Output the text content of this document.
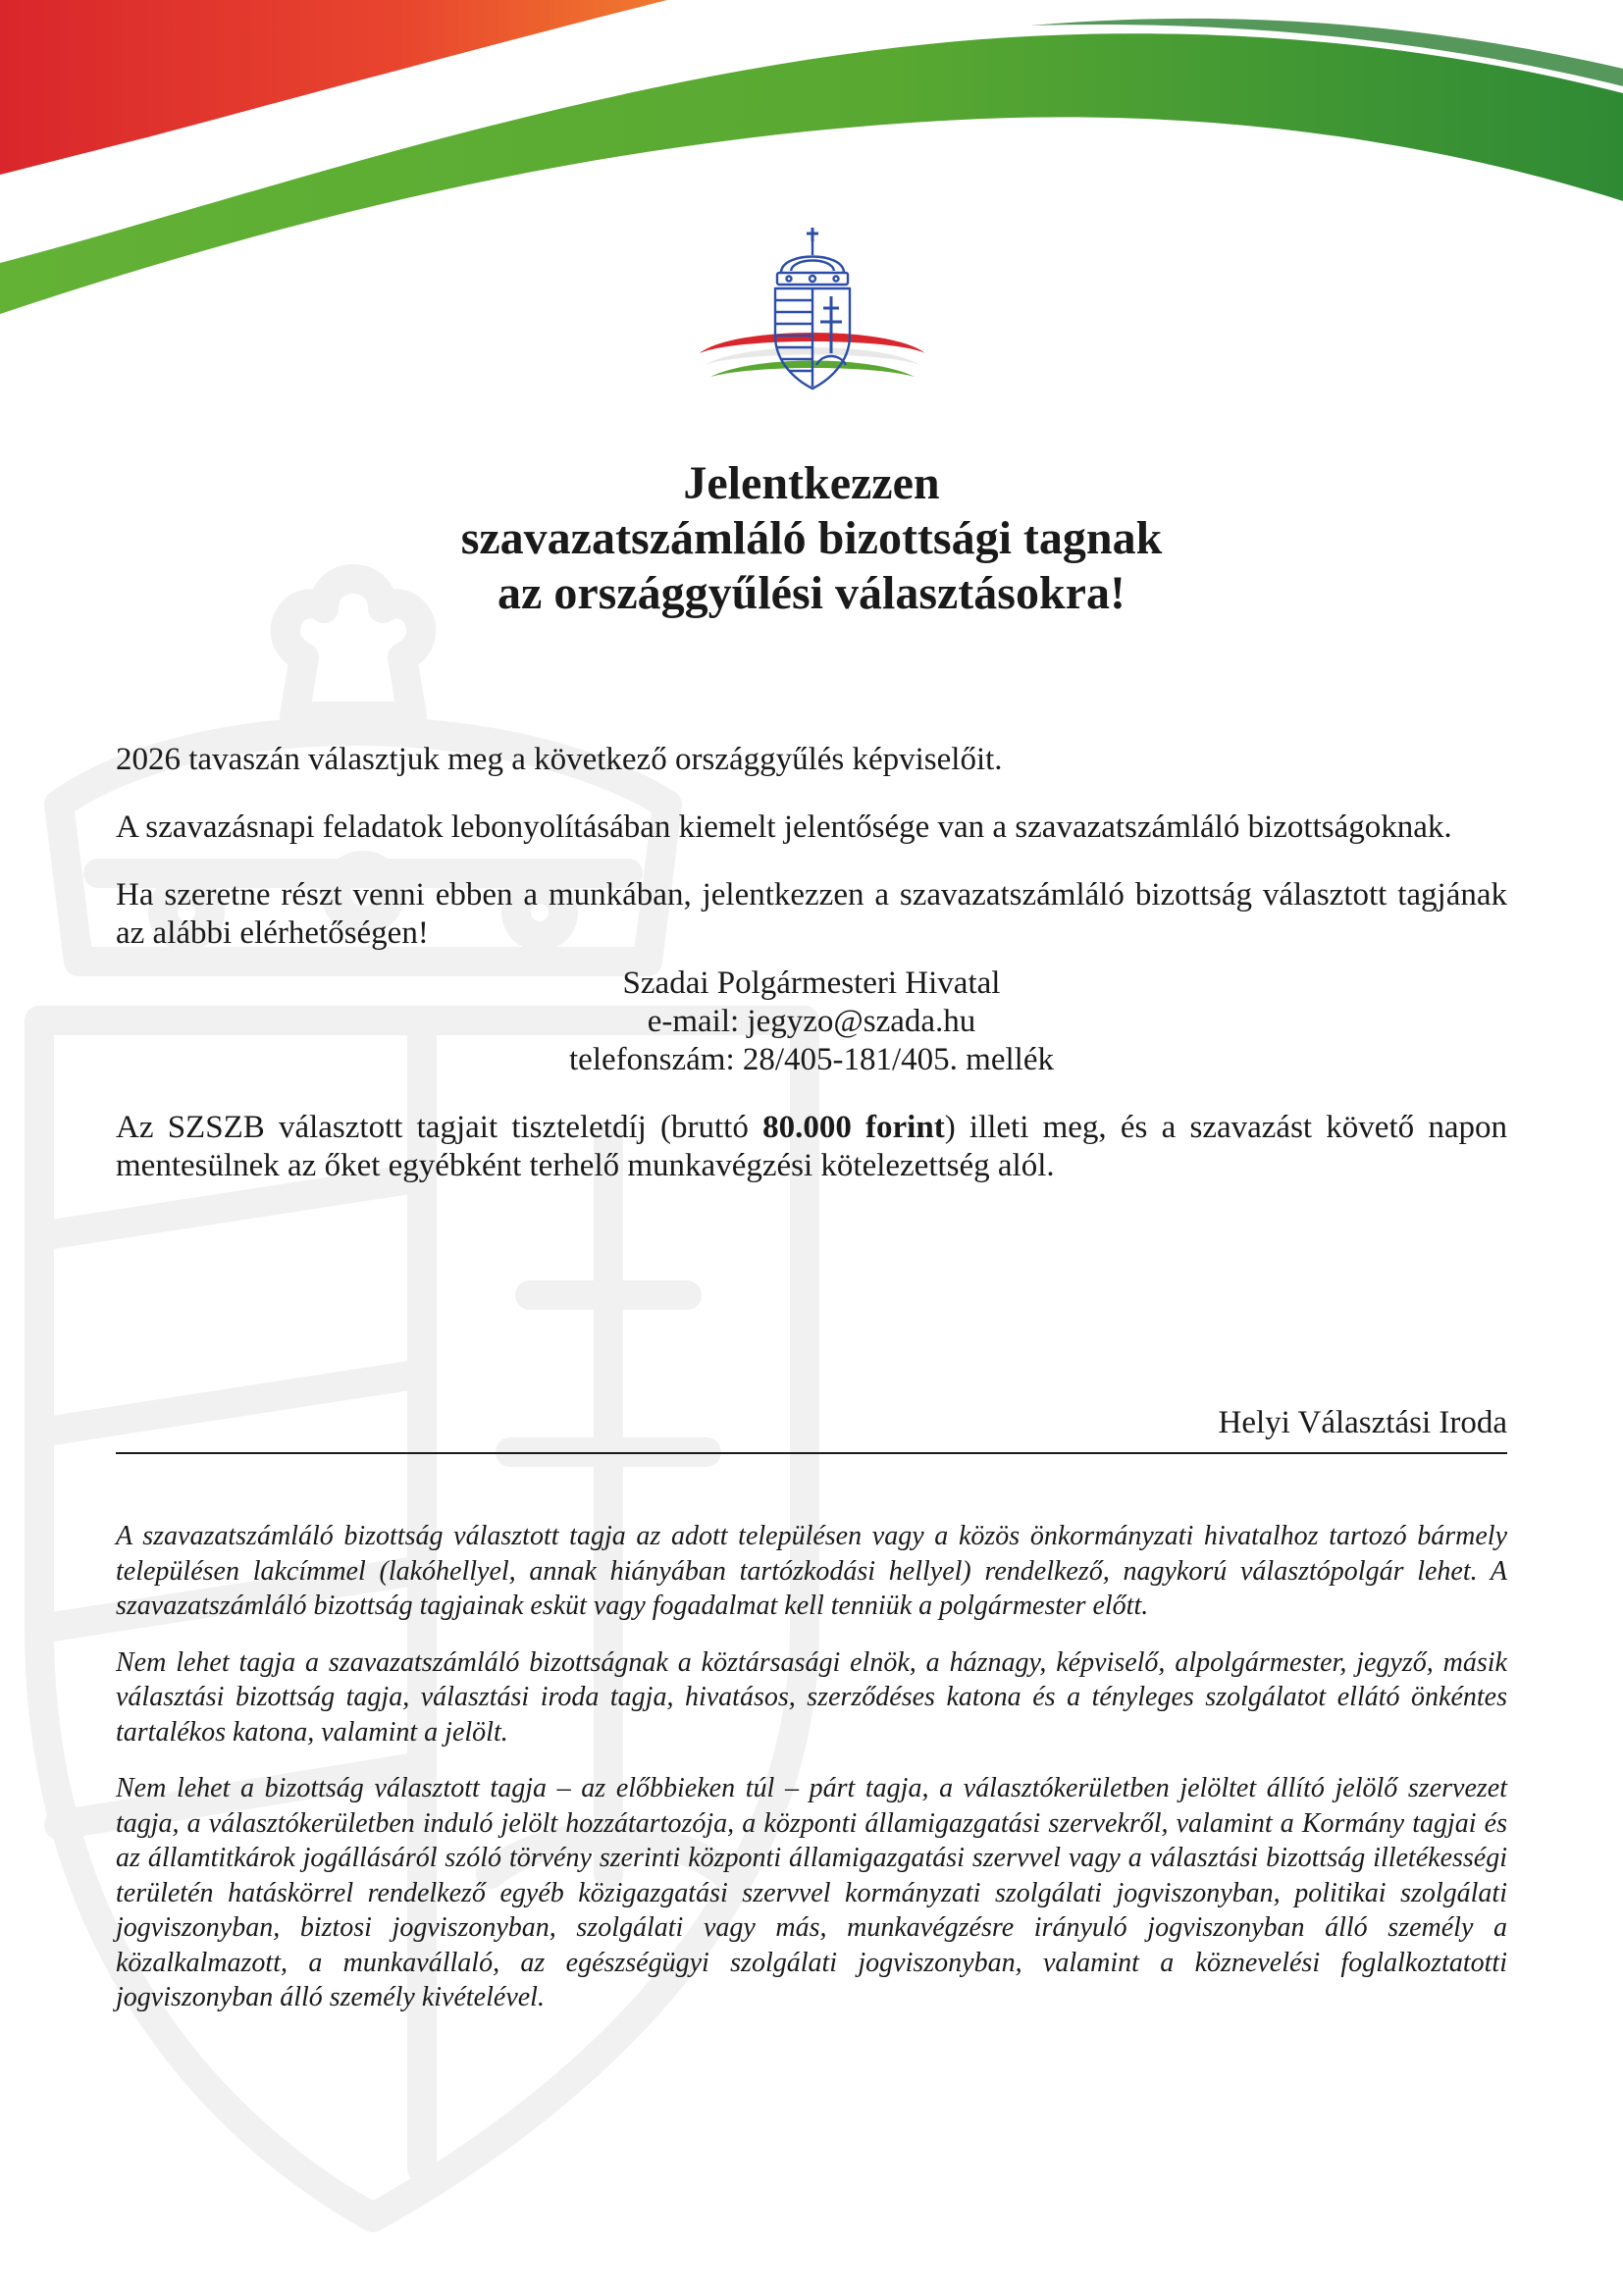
Jelentkezzen
szavazatszámláló bizottsági tagnak
az országgyűlési választásokra!

2026 tavaszán választjuk meg a következő országgyűlés képviselőit.

A szavazásnapi feladatok lebonyolításában kiemelt jelentősége van a szavazatszámláló bizottságoknak.

Ha szeretne részt venni ebben a munkában, jelentkezzen a szavazatszámláló bizottság választott tagjának az alábbi elérhetőségen!

Szadai Polgármesteri Hivatal
e-mail: jegyzo@szada.hu
telefonszám: 28/405-181/405. mellék

Az SZSZB választott tagjait tiszteletdíj (bruttó 80.000 forint) illeti meg, és a szavazást követő napon mentesülnek az őket egyébként terhelő munkavégzési kötelezettség alól.

Helyi Választási Iroda

A szavazatszámláló bizottság választott tagja az adott településen vagy a közös önkormányzati hivatalhoz tartozó bármely településen lakcímmel (lakóhellyel, annak hiányában tartózkodási hellyel) rendelkező, nagykorú választópolgár lehet. A szavazatszámláló bizottság tagjainak esküt vagy fogadalmat kell tenniük a polgármester előtt.

Nem lehet tagja a szavazatszámláló bizottságnak a köztársasági elnök, a háznagy, képviselő, alpolgármester, jegyző, másik választási bizottság tagja, választási iroda tagja, hivatásos, szerződéses katona és a tényleges szolgálatot ellátó önkéntes tartalékos katona, valamint a jelölt.

Nem lehet a bizottság választott tagja – az előbbieken túl – párt tagja, a választókerületben jelöltet állító jelölő szervezet tagja, a választókerületben induló jelölt hozzátartozója, a központi államigazgatási szervekről, valamint a Kormány tagjai és az államtitkárok jogállásáról szóló törvény szerinti központi államigazgatási szervvel vagy a választási bizottság illetékességi területén hatáskörrel rendelkező egyéb közigazgatási szervvel kormányzati szolgálati jogviszonyban, politikai szolgálati jogviszonyban, biztosi jogviszonyban, szolgálati vagy más, munkavégzésre irányuló jogviszonyban álló személy a közalkalmazott, a munkavállaló, az egészségügyi szolgálati jogviszonyban, valamint a köznevelési foglalkoztatotti jogviszonyban álló személy kivételével.
